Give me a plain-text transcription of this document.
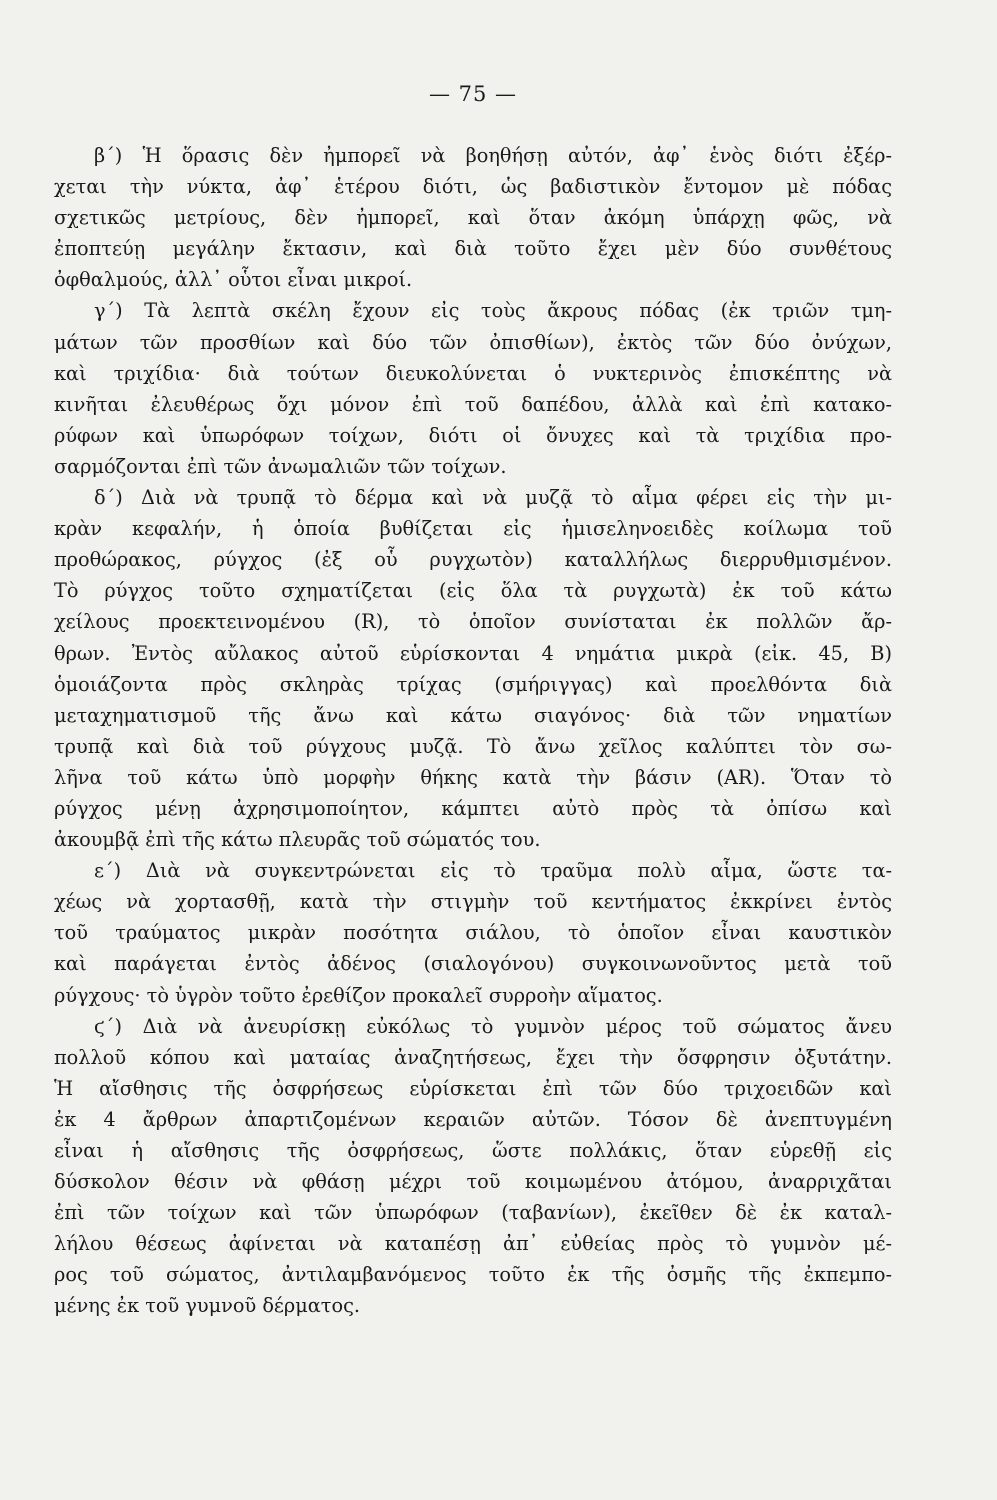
— 75 —
β΄) Ἡ ὅρασις δὲν ἠμπορεῖ νὰ βοηθήσῃ αὐτόν, ἀφ᾽ ἑνὸς διότι ἐξέρ-
χεται τὴν νύκτα, ἀφ᾽ ἑτέρου διότι, ὡς βαδιστικὸν ἔντομον μὲ πόδας
σχετικῶς μετρίους, δὲν ἠμπορεῖ, καὶ ὅταν ἀκόμη ὑπάρχῃ φῶς, νὰ
ἐποπτεύῃ μεγάλην ἔκτασιν, καὶ διὰ τοῦτο ἔχει μὲν δύο συνθέτους
ὀφθαλμούς, ἀλλ᾽ οὗτοι εἶναι μικροί.
γ΄) Τὰ λεπτὰ σκέλη ἔχουν εἰς τοὺς ἄκρους πόδας (ἐκ τριῶν τμη-
μάτων τῶν προσθίων καὶ δύο τῶν ὀπισθίων), ἐκτὸς τῶν δύο ὀνύχων,
καὶ τριχίδια· διὰ τούτων διευκολύνεται ὁ νυκτερινὸς ἐπισκέπτης νὰ
κινῆται ἐλευθέρως ὄχι μόνον ἐπὶ τοῦ δαπέδου, ἀλλὰ καὶ ἐπὶ κατακο-
ρύφων καὶ ὑπωρόφων τοίχων, διότι οἱ ὄνυχες καὶ τὰ τριχίδια προ-
σαρμόζονται ἐπὶ τῶν ἀνωμαλιῶν τῶν τοίχων.
δ΄) Διὰ νὰ τρυπᾷ τὸ δέρμα καὶ νὰ μυζᾷ τὸ αἷμα φέρει εἰς τὴν μι-
κρὰν κεφαλήν, ἡ ὁποία βυθίζεται εἰς ἡμισεληνοειδὲς κοίλωμα τοῦ
προθώρακος, ρύγχος (ἐξ οὗ ρυγχωτὸν) καταλλήλως διερρυθμισμένον.
Τὸ ρύγχος τοῦτο σχηματίζεται (εἰς ὅλα τὰ ρυγχωτὰ) ἐκ τοῦ κάτω
χείλους προεκτεινομένου (R), τὸ ὁποῖον συνίσταται ἐκ πολλῶν ἄρ-
θρων. Ἐντὸς αὔλακος αὐτοῦ εὑρίσκονται 4 νημάτια μικρὰ (εἰκ. 45, B)
ὁμοιάζοντα πρὸς σκληρὰς τρίχας (σμήριγγας) καὶ προελθόντα διὰ
μεταχηματισμοῦ τῆς ἄνω καὶ κάτω σιαγόνος· διὰ τῶν νηματίων
τρυπᾷ καὶ διὰ τοῦ ρύγχους μυζᾷ. Τὸ ἄνω χεῖλος καλύπτει τὸν σω-
λῆνα τοῦ κάτω ὑπὸ μορφὴν θήκης κατὰ τὴν βάσιν (AR). Ὅταν τὸ
ρύγχος μένῃ ἀχρησιμοποίητον, κάμπτει αὐτὸ πρὸς τὰ ὀπίσω καὶ
ἀκουμβᾷ ἐπὶ τῆς κάτω πλευρᾶς τοῦ σώματός του.
ε΄) Διὰ νὰ συγκεντρώνεται εἰς τὸ τραῦμα πολὺ αἷμα, ὥστε τα-
χέως νὰ χορτασθῇ, κατὰ τὴν στιγμὴν τοῦ κεντήματος ἐκκρίνει ἐντὸς
τοῦ τραύματος μικρὰν ποσότητα σιάλου, τὸ ὁποῖον εἶναι καυστικὸν
καὶ παράγεται ἐντὸς ἀδένος (σιαλογόνου) συγκοινωνοῦντος μετὰ τοῦ
ρύγχους· τὸ ὑγρὸν τοῦτο ἐρεθίζον προκαλεῖ συρροὴν αἵματος.
ϛ΄) Διὰ νὰ ἀνευρίσκῃ εὐκόλως τὸ γυμνὸν μέρος τοῦ σώματος ἄνευ
πολλοῦ κόπου καὶ ματαίας ἀναζητήσεως, ἔχει τὴν ὄσφρησιν ὀξυτάτην.
Ἡ αἴσθησις τῆς ὀσφρήσεως εὑρίσκεται ἐπὶ τῶν δύο τριχοειδῶν καὶ
ἐκ 4 ἄρθρων ἀπαρτιζομένων κεραιῶν αὐτῶν. Τόσον δὲ ἀνεπτυγμένη
εἶναι ἡ αἴσθησις τῆς ὀσφρήσεως, ὥστε πολλάκις, ὅταν εὑρεθῇ εἰς
δύσκολον θέσιν νὰ φθάσῃ μέχρι τοῦ κοιμωμένου ἀτόμου, ἀναρριχᾶται
ἐπὶ τῶν τοίχων καὶ τῶν ὑπωρόφων (ταβανίων), ἐκεῖθεν δὲ ἐκ καταλ-
λήλου θέσεως ἀφίνεται νὰ καταπέσῃ ἀπ᾽ εὐθείας πρὸς τὸ γυμνὸν μέ-
ρος τοῦ σώματος, ἀντιλαμβανόμενος τοῦτο ἐκ τῆς ὀσμῆς τῆς ἐκπεμπο-
μένης ἐκ τοῦ γυμνοῦ δέρματος.
